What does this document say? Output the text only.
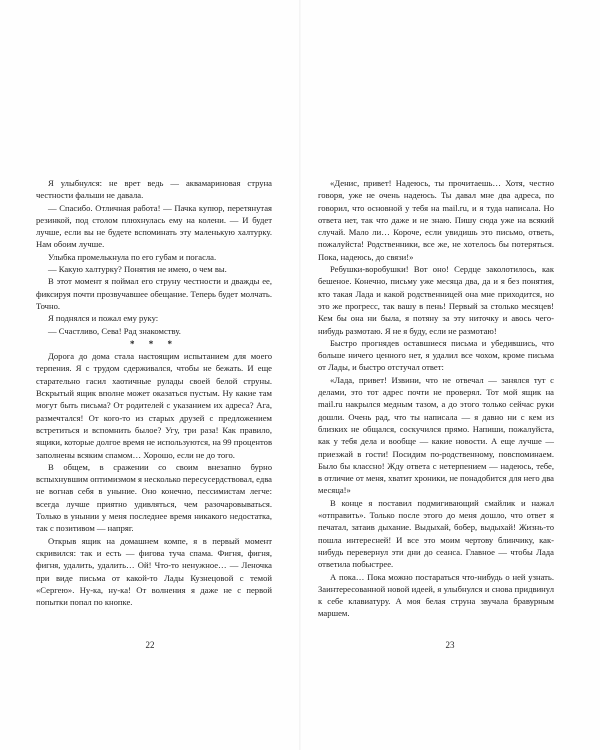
Я улыбнулся: не врет ведь — аквамариновая струна честности фальши не давала.

— Спасибо. Отличная работа! — Пачка купюр, перетянутая резинкой, под столом плюхнулась ему на колени. — И будет лучше, если вы не будете вспоминать эту маленькую халтурку. Нам обоим лучше.

Улыбка промелькнула по его губам и погасла.

— Какую халтурку? Понятия не имею, о чем вы.

В этот момент я поймал его струну честности и дважды ее, фиксируя почти прозвучавшее обещание. Теперь будет молчать. Точно.

Я поднялся и пожал ему руку:

— Счастливо, Сева! Рад знакомству.

* * *

Дорога до дома стала настоящим испытанием для моего терпения. Я с трудом сдерживался, чтобы не бежать. И еще старательно гасил хаотичные рулады своей белой струны. Вскрытый ящик вполне может оказаться пустым. Ну какие там могут быть письма? От родителей с указанием их адреса? Ага, размечтался! От кого-то из старых друзей с предложением встретиться и вспомнить былое? Угу, три раза! Как правило, ящики, которые долгое время не используются, на 99 процентов заполнены всяким спамом… Хорошо, если не до того.

В общем, в сражении со своим внезапно бурно вспыхнувшим оптимизмом я несколько пересусердствовал, едва не вогнав себя в уныние. Оно конечно, пессимистам легче: всегда лучше приятно удивляться, чем разочаровываться. Только в унынии у меня последнее время никакого недостатка, так с позитивом — напряг.

Открыв ящик на домашнем компе, я в первый момент скривился: так и есть — фигова туча спама. Фигня, фигня, фигня, удалить, удалить… Ой! Что-то ненужное… — Леночка при виде письма от какой-то Лады Кузнецовой с темой «Сергею». Ну-ка, ну-ка! От волнения я даже не с первой попытки попал по кнопке.

22

«Денис, привет! Надеюсь, ты прочитаешь… Хотя, честно говоря, уже не очень надеюсь. Ты давал мне два адреса, по говорил, что основной у тебя на mail.ru, и я туда написала. Но ответа нет, так что даже и не знаю. Пишу сюда уже на всякий случай. Мало ли… Короче, если увидишь это письмо, ответь, пожалуйста! Родственники, все же, не хотелось бы потеряться. Пока, надеюсь, до связи!»

Ребушки-воробушки! Вот оно! Сердце заколотилось, как бешеное. Конечно, письму уже месяца два, да и я без понятия, кто такая Лада и какой родственницей она мне приходится, но это же прогресс, так вашу в пень! Первый за столько месяцев! Кем бы она ни была, я потяну за эту ниточку и авось чего-нибудь размотаю. Я не я буду, если не размотаю!

Быстро прогнядев оставшиеся письма и убедившись, что больше ничего ценного нет, я удалил все чохом, кроме письма от Лады, и быстро отстучал ответ:

«Лада, привет! Извини, что не отвечал — занялся тут с делами, это тот адрес почти не проверял. Тот мой ящик на mail.ru накрылся медным тазом, а до этого только сейчас руки дошли. Очень рад, что ты написала — я давно ни с кем из близких не общался, соскучился прямо. Напиши, пожалуйста, как у тебя дела и вообще — какие новости. А еще лучше — приезжай в гости! Посидим по-родственному, повспоминаем. Было бы классно! Жду ответа с нетерпением — надеюсь, тебе, в отличие от меня, хватит хроники, не понадобится для него два месяца!»

В конце я поставил подмигивающий смайлик и нажал «отправить». Только после этого до меня дошло, что ответ я печатал, затаив дыхание. Выдыхай, бобер, выдыхай! Жизнь-то пошла интересней! И все это моим чертову блинчику, как-нибудь перевернул эти дни до сеанса. Главное — чтобы Лада ответила побыстрее.

А пока… Пока можно постараться что-нибудь о ней узнать. Заинтересованной новой идеей, я улыбнулся и снова придвинул к себе клавиатуру. А моя белая струна звучала бравурным маршем.

23
